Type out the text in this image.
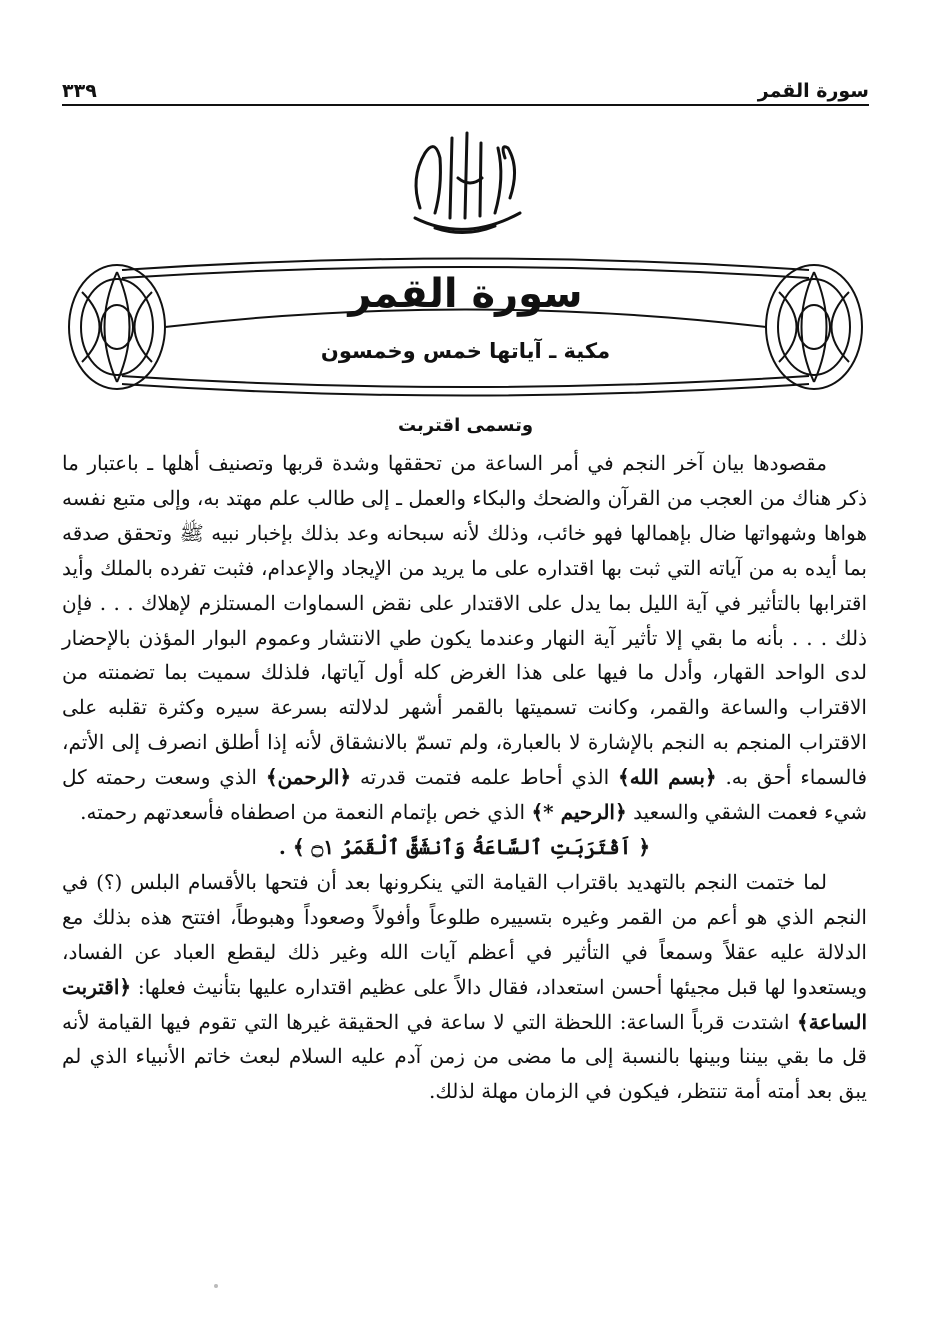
سورة القمر
٣٣٩
سورة القمر
مكية ـ آياتها خمس وخمسون
وتسمى اقتربت

مقصودها بيان آخر النجم في أمر الساعة من تحققها وشدة قربها وتصنيف أهلها ـ باعتبار ما ذكر هناك من العجب من القرآن والضحك والبكاء والعمل ـ إلى طالب علم مهتد به، وإلى متبع نفسه هواها وشهواتها ضال بإهمالها فهو خائب، وذلك لأنه سبحانه وعد بذلك بإخبار نبيه ﷺ وتحقق صدقه بما أيده به من آياته التي ثبت بها اقتداره على ما يريد من الإيجاد والإعدام، فثبت تفرده بالملك وأيد اقترابها بالتأثير في آية الليل بما يدل على الاقتدار على نقض السماوات المستلزم لإهلاك . . . فإن ذلك . . . بأنه ما بقي إلا تأثير آية النهار وعندما يكون طي الانتشار وعموم البوار المؤذن بالإحضار لدى الواحد القهار، وأدل ما فيها على هذا الغرض كله أول آياتها، فلذلك سميت بما تضمنته من الاقتراب والساعة والقمر، وكانت تسميتها بالقمر أشهر لدلالته بسرعة سيره وكثرة تقلبه على الاقتراب المنجم به النجم بالإشارة لا بالعبارة، ولم تسمّ بالانشقاق لأنه إذا أطلق انصرف إلى الأتم، فالسماء أحق به. ﴿بسم الله﴾ الذي أحاط علمه فتمت قدرته ﴿الرحمن﴾ الذي وسعت رحمته كل شيء فعمت الشقي والسعيد ﴿الرحيم *﴾ الذي خص بإتمام النعمة من اصطفاه فأسعدتهم رحمته.

﴿ اَقْتَرَبَتِ ٱلسَّاعَةُ وَٱنشَقَّ ٱلْقَمَرُ ۝١ ﴾ .

لما ختمت النجم بالتهديد باقتراب القيامة التي ينكرونها بعد أن فتحها بالأقسام البلس (؟) في النجم الذي هو أعم من القمر وغيره بتسييره طلوعاً وأفولاً وصعوداً وهبوطاً، افتتح هذه بذلك مع الدلالة عليه عقلاً وسمعاً في التأثير في أعظم آيات الله وغير ذلك ليقطع العباد عن الفساد، ويستعدوا لها قبل مجيئها أحسن استعداد، فقال دالاً على عظيم اقتداره عليها بتأنيث فعلها: ﴿اقتربت الساعة﴾ اشتدت قرباً الساعة: اللحظة التي لا ساعة في الحقيقة غيرها التي تقوم فيها القيامة لأنه قل ما بقي بيننا وبينها بالنسبة إلى ما مضى من زمن آدم عليه السلام لبعث خاتم الأنبياء الذي لم يبق بعد أمته أمة تنتظر، فيكون في الزمان مهلة لذلك.
